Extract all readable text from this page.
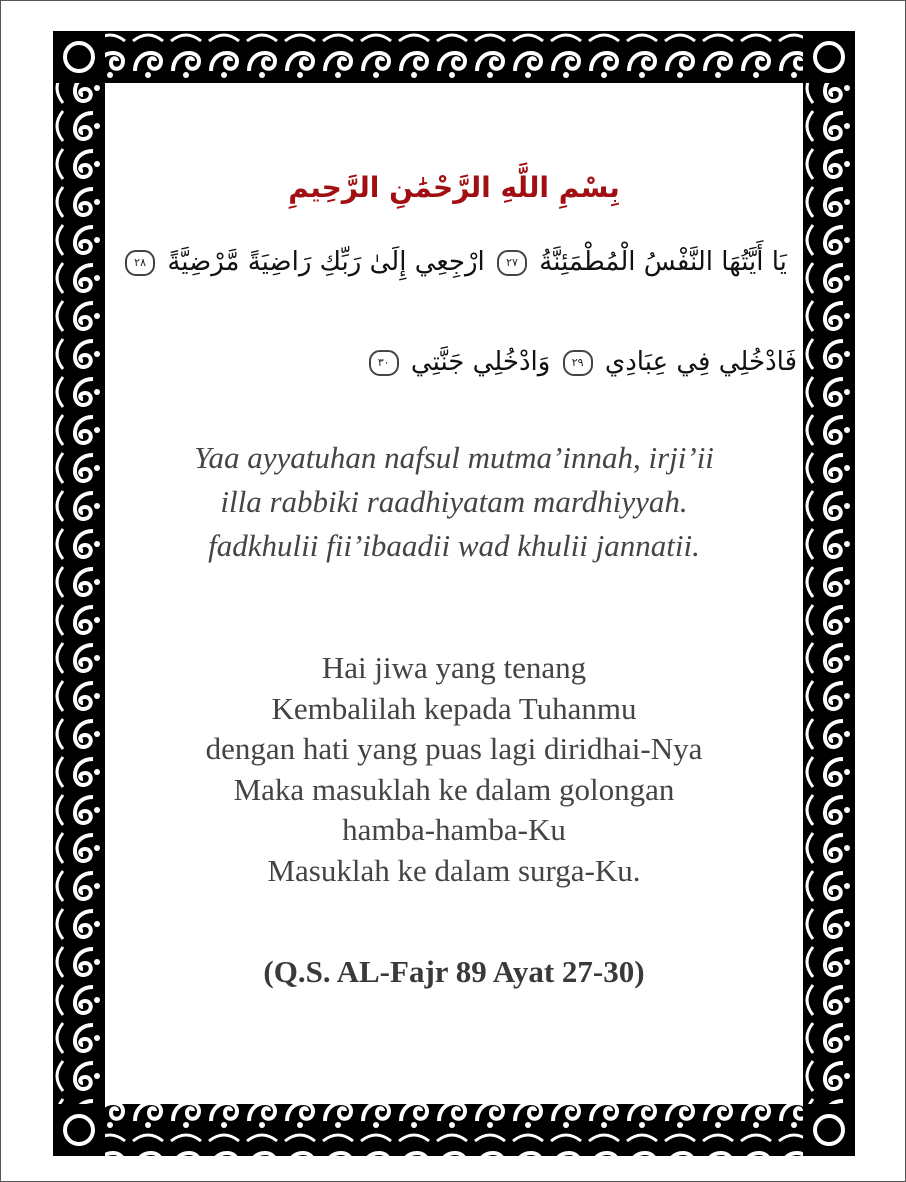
بِسْمِ اللَّهِ الرَّحْمَٰنِ الرَّحِيمِ
يَا أَيَّتُهَا النَّفْسُ الْمُطْمَئِنَّةُ ٢٧ ارْجِعِي إِلَىٰ رَبِّكِ رَاضِيَةً مَّرْضِيَّةً ٢٨
فَادْخُلِي فِي عِبَادِي ٢٩ وَادْخُلِي جَنَّتِي ٣٠
Yaa ayyatuhan nafsul mutma’innah, irji’ii
illa rabbiki raadhiyatam mardhiyyah.
fadkhulii fii’ibaadii wad khulii jannatii.
Hai jiwa yang tenang
Kembalilah kepada Tuhanmu
dengan hati yang puas lagi diridhai-Nya
Maka masuklah ke dalam golongan
hamba-hamba-Ku
Masuklah ke dalam surga-Ku.
(Q.S. AL-Fajr 89 Ayat 27-30)
